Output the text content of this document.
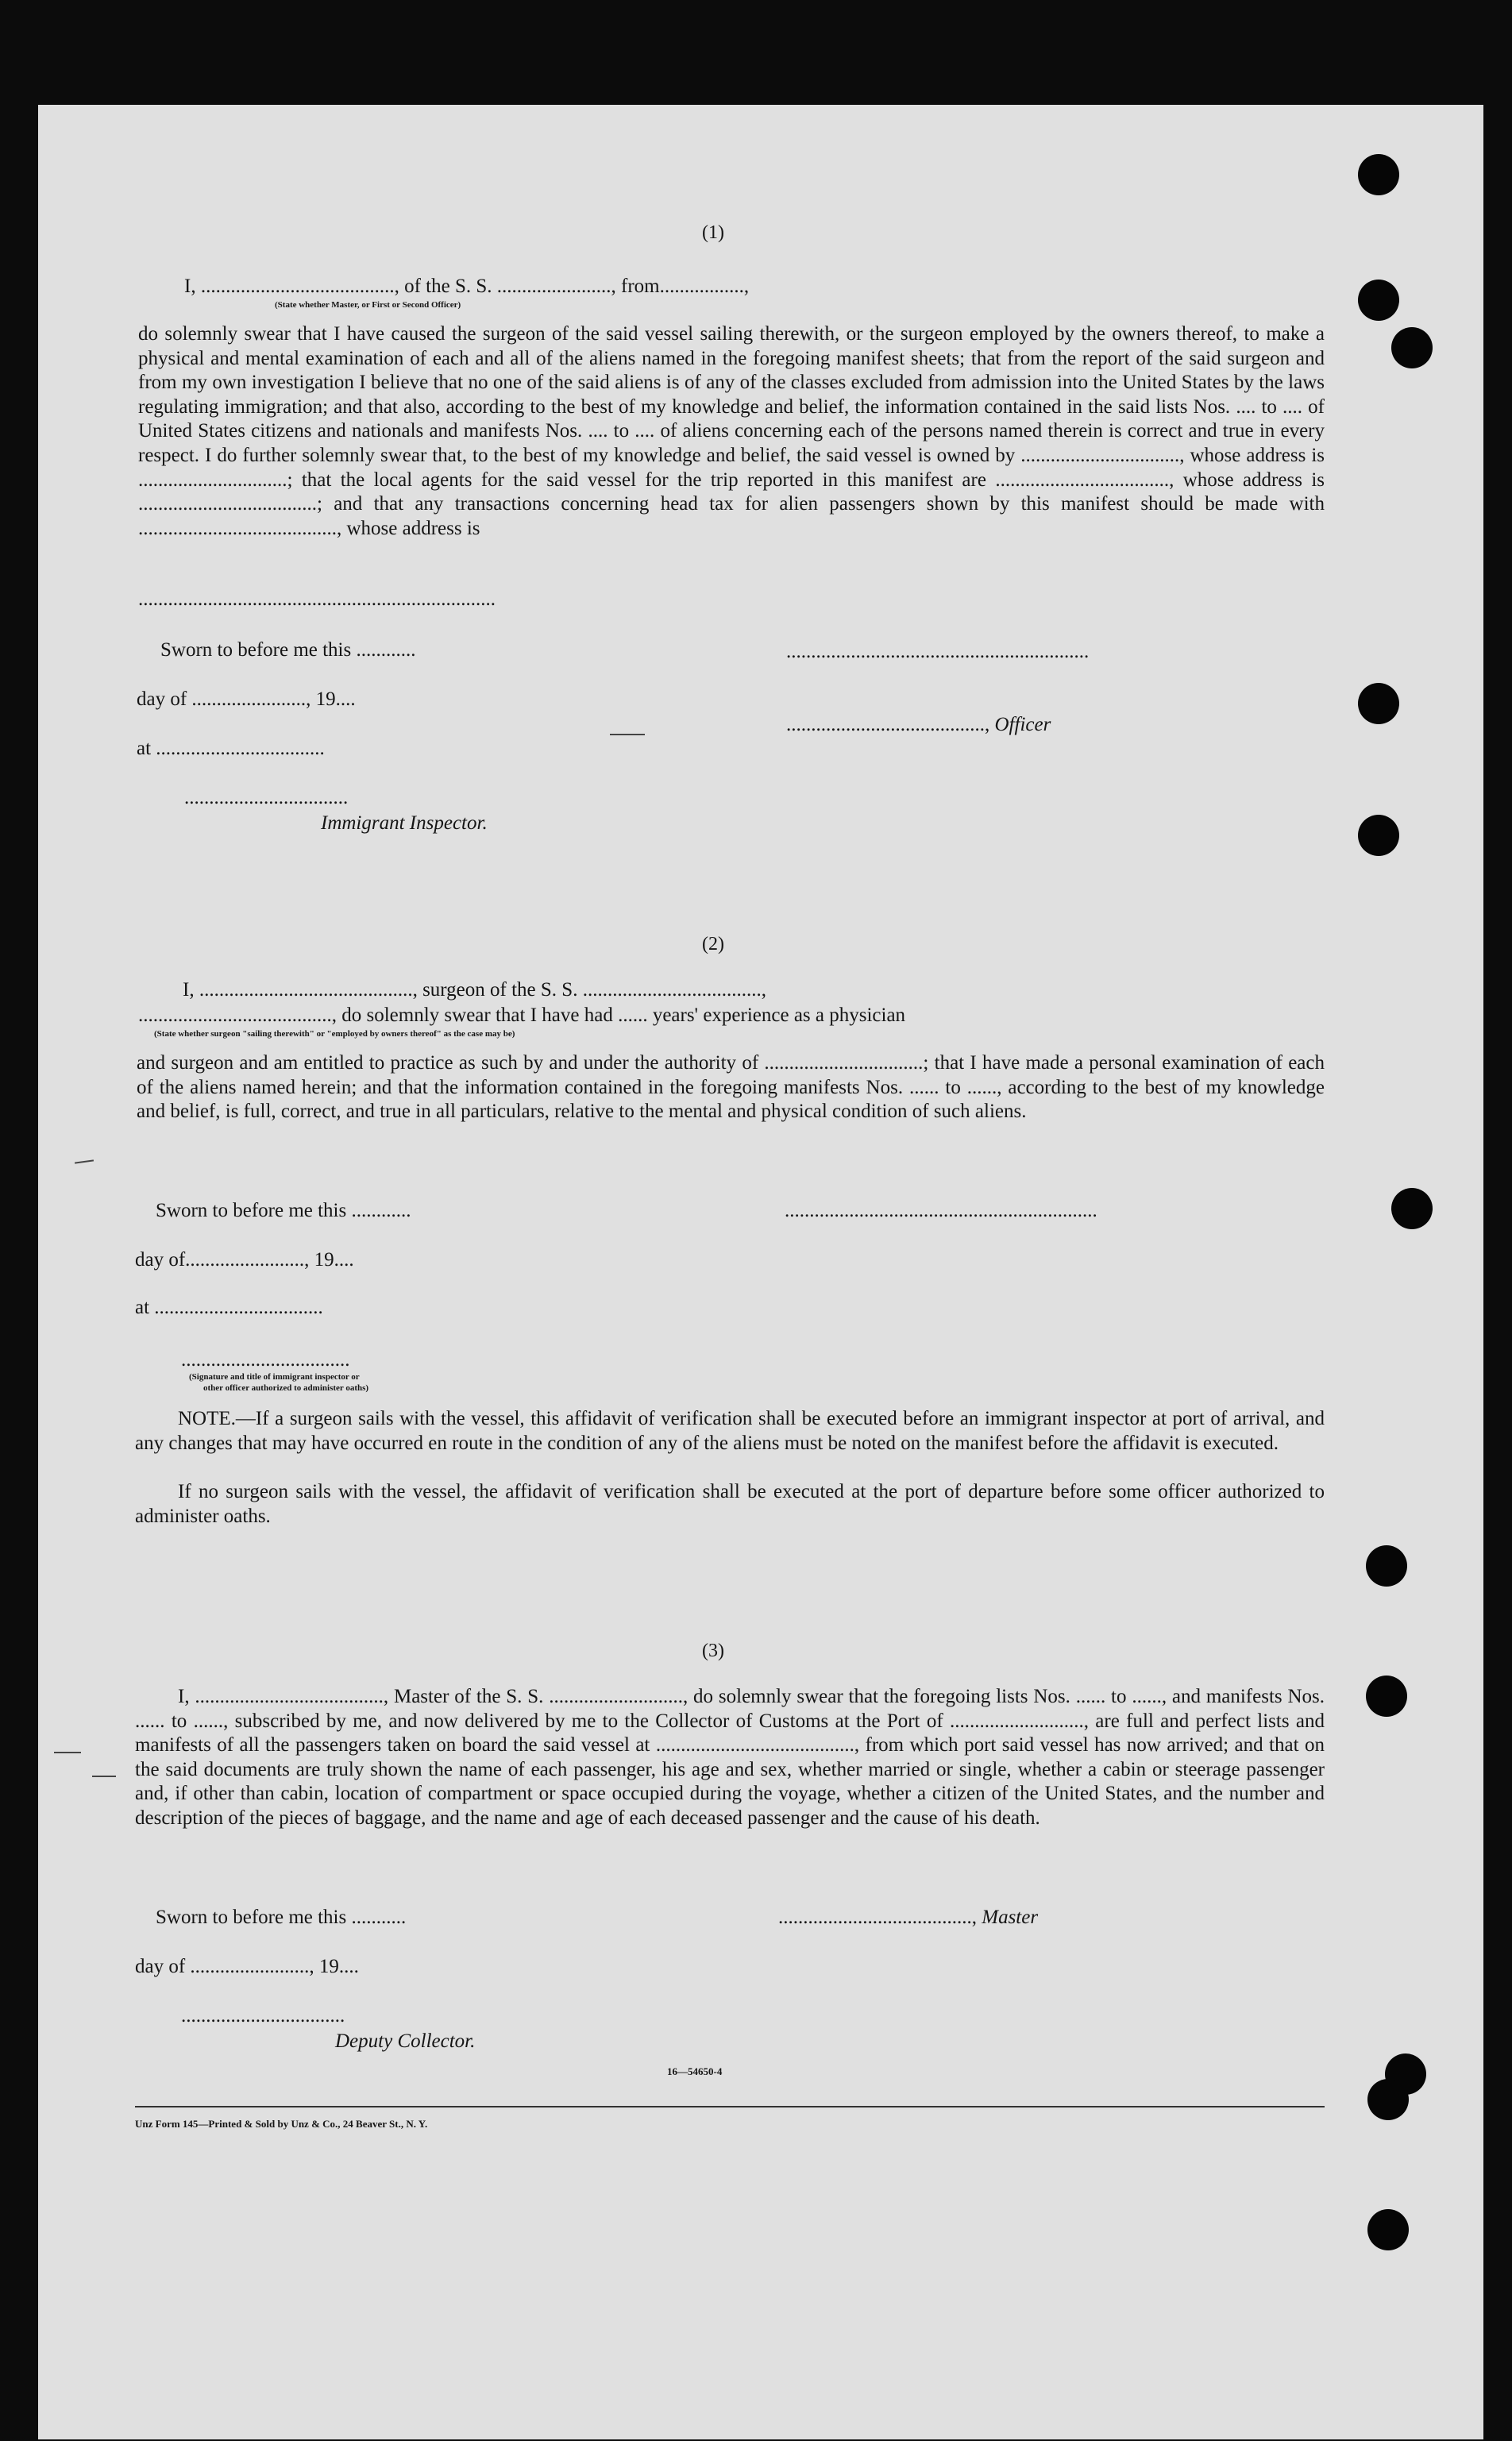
(1)
I, ......................................., of the S. S. ......................., from.................,
(State whether Master, or First or Second Officer)
do solemnly swear that I have caused the surgeon of the said vessel sailing therewith, or the surgeon employed by the owners thereof, to make a physical and mental examination of each and all of the aliens named in the foregoing manifest sheets; that from the report of the said surgeon and from my own investigation I believe that no one of the said aliens is of any of the classes excluded from admission into the United States by the laws regulating immigration; and that also, according to the best of my knowledge and belief, the information contained in the said lists Nos. .... to .... of United States citizens and nationals and manifests Nos. .... to .... of aliens concerning each of the persons named therein is correct and true in every respect. I do further solemnly swear that, to the best of my knowledge and belief, the said vessel is owned by ................................, whose address is ..............................; that the local agents for the said vessel for the trip reported in this manifest are ..................................., whose address is ....................................; and that any transactions concerning head tax for alien passengers shown by this manifest should be made with ........................................, whose address is
........................................................................
Sworn to before me this ............	.............................................................
day of ......................., 19....
........................................, Officer
at ..................................
.................................
Immigrant Inspector.
(2)
I, ..........................................., surgeon of the S. S. ....................................,
......................................., do solemnly swear that I have had ...... years' experience as a physician
(State whether surgeon "sailing therewith" or "employed by owners thereof" as the case may be)
and surgeon and am entitled to practice as such by and under the authority of ................................; that I have made a personal examination of each of the aliens named herein; and that the information contained in the foregoing manifests Nos. ...... to ......, according to the best of my knowledge and belief, is full, correct, and true in all particulars, relative to the mental and physical condition of such aliens.
Sworn to before me this ............	...............................................................
day of........................, 19....
at ..................................
..................................
(Signature and title of immigrant inspector or
other officer authorized to administer oaths)
NOTE.—If a surgeon sails with the vessel, this affidavit of verification shall be executed before an immigrant inspector at port of arrival, and any changes that may have occurred en route in the condition of any of the aliens must be noted on the manifest before the affidavit is executed.
If no surgeon sails with the vessel, the affidavit of verification shall be executed at the port of departure before some officer authorized to administer oaths.
(3)
I, ......................................, Master of the S. S. ..........................., do solemnly swear that the foregoing lists Nos. ...... to ......, and manifests Nos. ...... to ......, subscribed by me, and now delivered by me to the Collector of Customs at the Port of ..........................., are full and perfect lists and manifests of all the passengers taken on board the said vessel at ........................................, from which port said vessel has now arrived; and that on the said documents are truly shown the name of each passenger, his age and sex, whether married or single, whether a cabin or steerage passenger and, if other than cabin, location of compartment or space occupied during the voyage, whether a citizen of the United States, and the number and description of the pieces of baggage, and the name and age of each deceased passenger and the cause of his death.
Sworn to before me this ...........	......................................., Master
day of ........................, 19....
.................................
Deputy Collector.
16—54650-4
Unz Form 145—Printed & Sold by Unz & Co., 24 Beaver St., N. Y.
